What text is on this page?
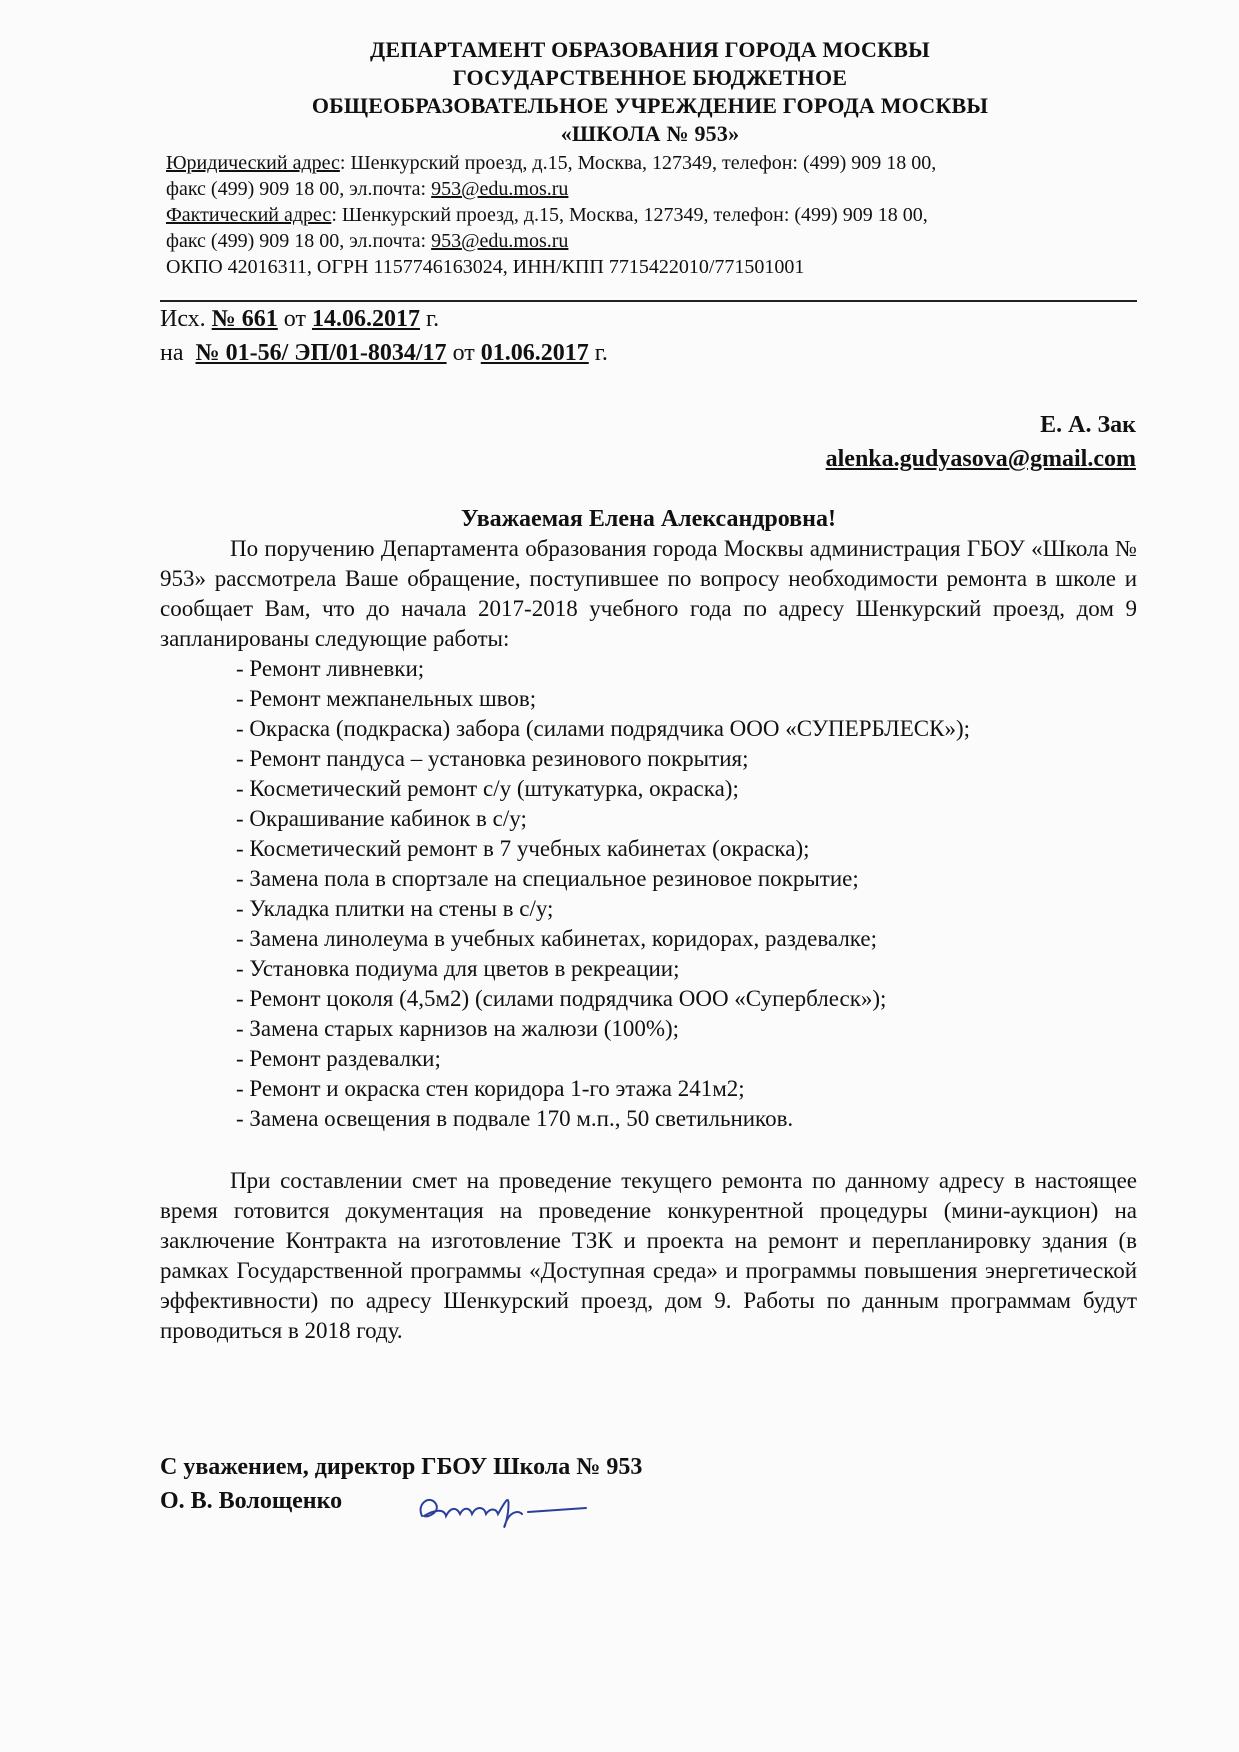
ДЕПАРТАМЕНТ ОБРАЗОВАНИЯ ГОРОДА МОСКВЫ
ГОСУДАРСТВЕННОЕ БЮДЖЕТНОЕ
ОБЩЕОБРАЗОВАТЕЛЬНОЕ УЧРЕЖДЕНИЕ ГОРОДА МОСКВЫ
«ШКОЛА № 953»
Юридический адрес: Шенкурский проезд, д.15, Москва, 127349, телефон: (499) 909 18 00,
факс (499) 909 18 00, эл.почта: 953@edu.mos.ru
Фактический адрес: Шенкурский проезд, д.15, Москва, 127349, телефон: (499) 909 18 00,
факс (499) 909 18 00, эл.почта: 953@edu.mos.ru
ОКПО 42016311, ОГРН 1157746163024, ИНН/КПП 7715422010/771501001
Исх. № 661 от 14.06.2017 г.
на  № 01-56/ ЭП/01-8034/17 от 01.06.2017 г.
Е. А. Зак
alenka.gudyasova@gmail.com
Уважаемая Елена Александровна!

По поручению Департамента образования города Москвы администрация ГБОУ «Школа № 953» рассмотрела Ваше обращение, поступившее по вопросу необходимости ремонта в школе и сообщает Вам, что до начала 2017-2018 учебного года по адресу Шенкурский проезд, дом 9 запланированы следующие работы:

- Ремонт ливневки;
- Ремонт межпанельных швов;
- Окраска (подкраска) забора (силами подрядчика ООО «СУПЕРБЛЕСК»);
- Ремонт пандуса – установка резинового покрытия;
- Косметический ремонт с/у (штукатурка, окраска);
- Окрашивание кабинок в с/у;
- Косметический ремонт в 7 учебных кабинетах (окраска);
- Замена пола в спортзале на специальное резиновое покрытие;
- Укладка плитки на стены в с/у;
- Замена линолеума в учебных кабинетах, коридорах, раздевалке;
- Установка подиума для цветов в рекреации;
- Ремонт цоколя (4,5м2) (силами подрядчика ООО «Суперблеск»);
- Замена старых карнизов на жалюзи (100%);
- Ремонт раздевалки;
- Ремонт и окраска стен коридора 1-го этажа 241м2;
- Замена освещения в подвале 170 м.п., 50 светильников.

При составлении смет на проведение текущего ремонта по данному адресу в настоящее время готовится документация на проведение конкурентной процедуры (мини-аукцион) на заключение Контракта на изготовление ТЗК и проекта на ремонт и перепланировку здания (в рамках Государственной программы «Доступная среда» и программы повышения энергетической эффективности) по адресу Шенкурский проезд, дом 9. Работы по данным программам будут проводиться в 2018 году.

С уважением, директор ГБОУ Школа № 953
О. В. Волощенко
